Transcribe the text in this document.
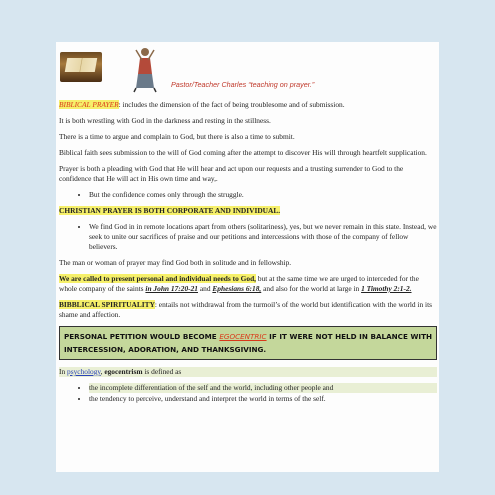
Pastor/Teacher Charles “teaching on prayer.”

BIBLICAL PRAYER: includes the dimension of the fact of being troublesome and of submission.

It is both wrestling with God in the darkness and resting in the stillness.

There is a time to argue and complain to God, but there is also a time to submit.

Biblical faith sees submission to the will of God coming after the attempt to discover His will through heartfelt supplication.

Prayer is both a pleading with God that He will hear and act upon our requests and a trusting surrender to God to the confidence that He will act in His own time and way,.

• But the confidence comes only through the struggle.

CHRISTIAN PRAYER IS BOTH CORPORATE AND INDIVIDUAL.

• We find God in in remote locations apart from others (solitariness), yes, but we never remain in this state. Instead, we seek to unite our sacrifices of praise and our petitions and intercessions with those of the company of fellow believers.

The man or woman of prayer may find God both in solitude and in fellowship.

We are called to present personal and individual needs to God, but at the same time we are urged to interceded for the whole company of the saints in John 17:20-21 and Ephesians 6:18, and also for the world at large in 1 Timothy 2:1-2.

BIBBLICAL SPIRITUALITY: entails not withdrawal from the turmoil’s of the world but identification with the world in its shame and affection.

PERSONAL PETITION WOULD BECOME EGOCENTRIC IF IT WERE NOT HELD IN BALANCE WITH INTERCESSION, ADORATION, AND THANKSGIVING.

In psychology, egocentrism is defined as

• the incomplete differentiation of the self and the world, including other people and
• the tendency to perceive, understand and interpret the world in terms of the self.
